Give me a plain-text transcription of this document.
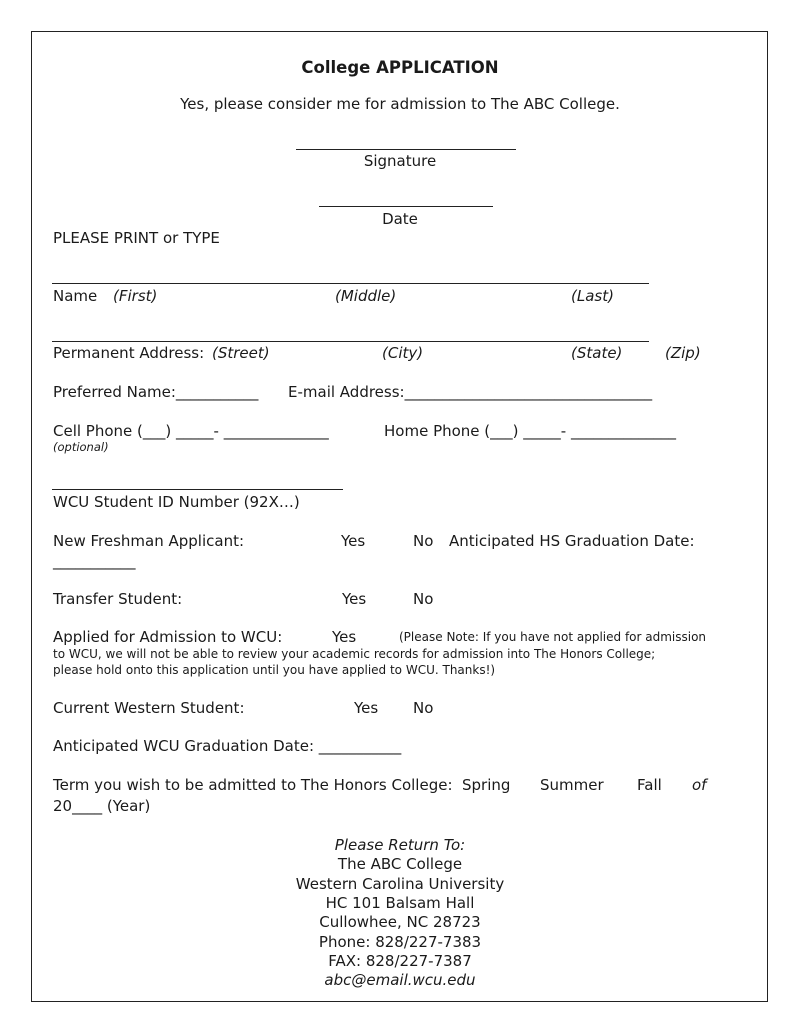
College APPLICATION
Yes, please consider me for admission to The ABC College.
Signature
Date
PLEASE PRINT or TYPE
Name (First)	(Middle)	(Last)
Permanent Address: (Street)	(City)	(State)	(Zip)
Preferred Name:___________ E-mail Address:_________________________________
Cell Phone (___) _____- ______________
(optional)
Home Phone (___) _____- ______________
WCU Student ID Number (92X…)
New Freshman Applicant:	Yes	No Anticipated HS Graduation Date:
___________
Transfer Student:	Yes	No
Applied for Admission to WCU:	Yes	(Please Note: If you have not applied for admission
to WCU, we will not be able to review your academic records for admission into The Honors College;
please hold onto this application until you have applied to WCU. Thanks!)
Current Western Student:	Yes No
Anticipated WCU Graduation Date: ___________
Term you wish to be admitted to The Honors College: Spring Summer Fall of
20____ (Year)
Please Return To:
The ABC College
Western Carolina University
HC 101 Balsam Hall
Cullowhee, NC 28723
Phone: 828/227-7383
FAX: 828/227-7387
abc@email.wcu.edu
